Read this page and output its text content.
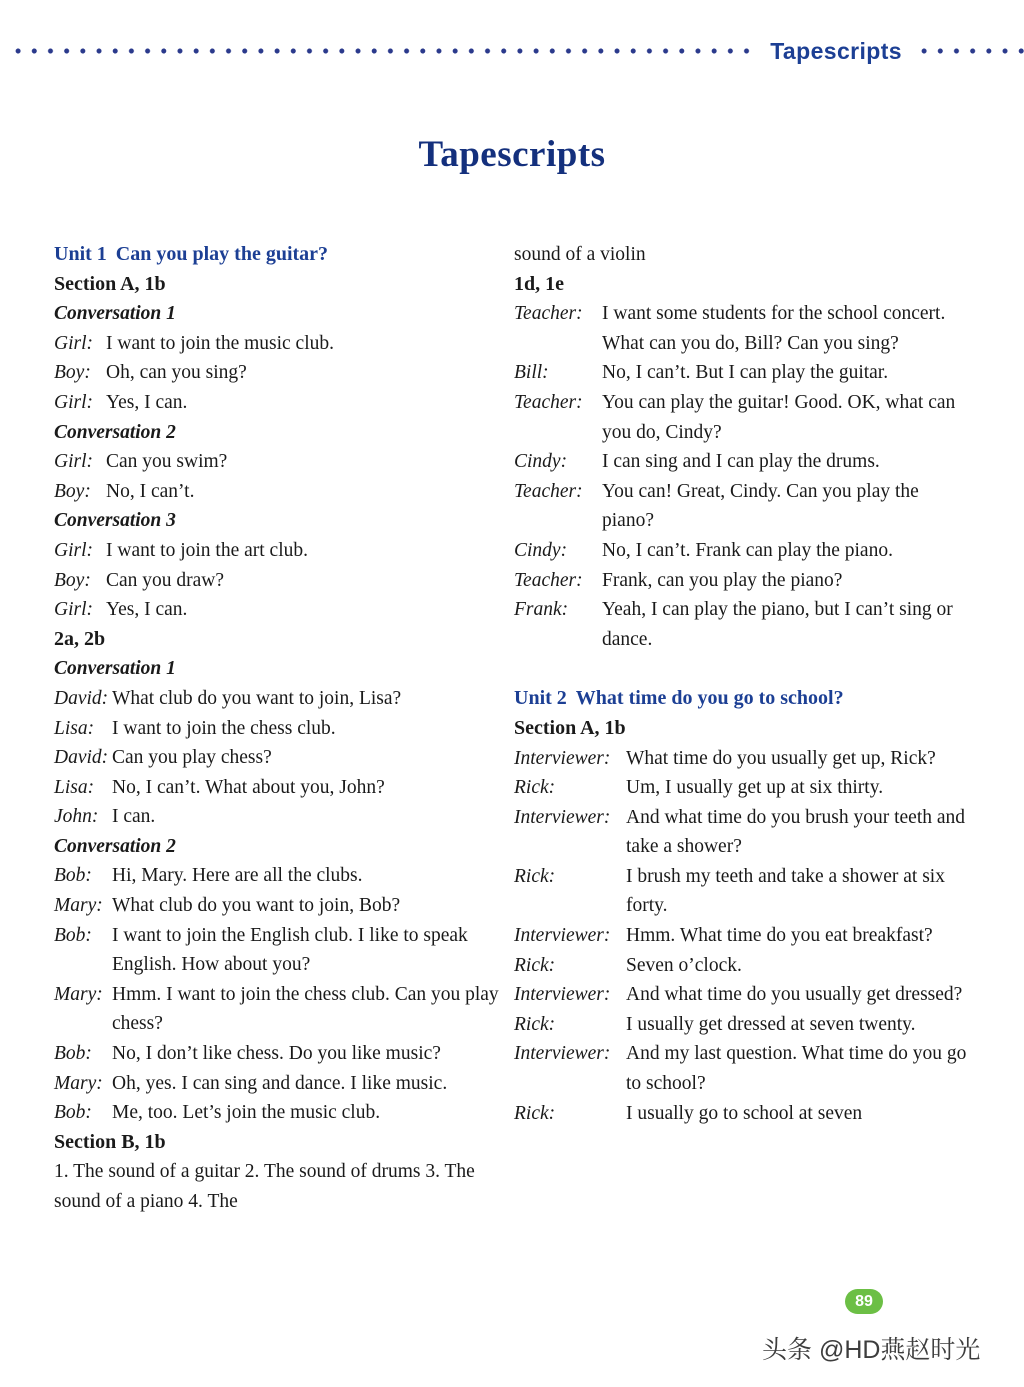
Tapescripts
Tapescripts
Unit 1 Can you play the guitar?
Section A, 1b
Conversation 1
Girl: I want to join the music club.
Boy: Oh, can you sing?
Girl: Yes, I can.
Conversation 2
Girl: Can you swim?
Boy: No, I can’t.
Conversation 3
Girl: I want to join the art club.
Boy: Can you draw?
Girl: Yes, I can.
2a, 2b
Conversation 1
David: What club do you want to join, Lisa?
Lisa: I want to join the chess club.
David: Can you play chess?
Lisa: No, I can’t. What about you, John?
John: I can.
Conversation 2
Bob:	Hi, Mary. Here are all the clubs.
Mary: What club do you want to join, Bob?
Bob:	I want to join the English club. I like to speak English. How about you?
Mary: Hmm. I want to join the chess club. Can you play chess?
Bob:	No, I don’t like chess. Do you like music?
Mary: Oh, yes. I can sing and dance. I like music.
Bob:	Me, too. Let’s join the music club.
Section B, 1b
1. The sound of a guitar 2. The sound of drums 3. The sound of a piano 4. The
sound of a violin
1d, 1e
Teacher: I want some students for the school concert. What can you do, Bill? Can you sing?
Bill:	No, I can’t. But I can play the guitar.
Teacher: You can play the guitar! Good. OK, what can you do, Cindy?
Cindy:	I can sing and I can play the drums.
Teacher: You can! Great, Cindy. Can you play the piano?
Cindy:	No, I can’t. Frank can play the piano.
Teacher: Frank, can you play the piano?
Frank:	Yeah, I can play the piano, but I can’t sing or dance.
Unit 2 What time do you go to school?
Section A, 1b
Interviewer: What time do you usually get up, Rick?
Rick:	Um, I usually get up at six thirty.
Interviewer: And what time do you brush your teeth and take a shower?
Rick:	I brush my teeth and take a shower at six forty.
Interviewer: Hmm. What time do you eat breakfast?
Rick:	Seven o’clock.
Interviewer: And what time do you usually get dressed?
Rick:	I usually get dressed at seven twenty.
Interviewer: And my last question. What time do you go to school?
Rick:	I usually go to school at seven
89
头条 @HD燕赵时光
